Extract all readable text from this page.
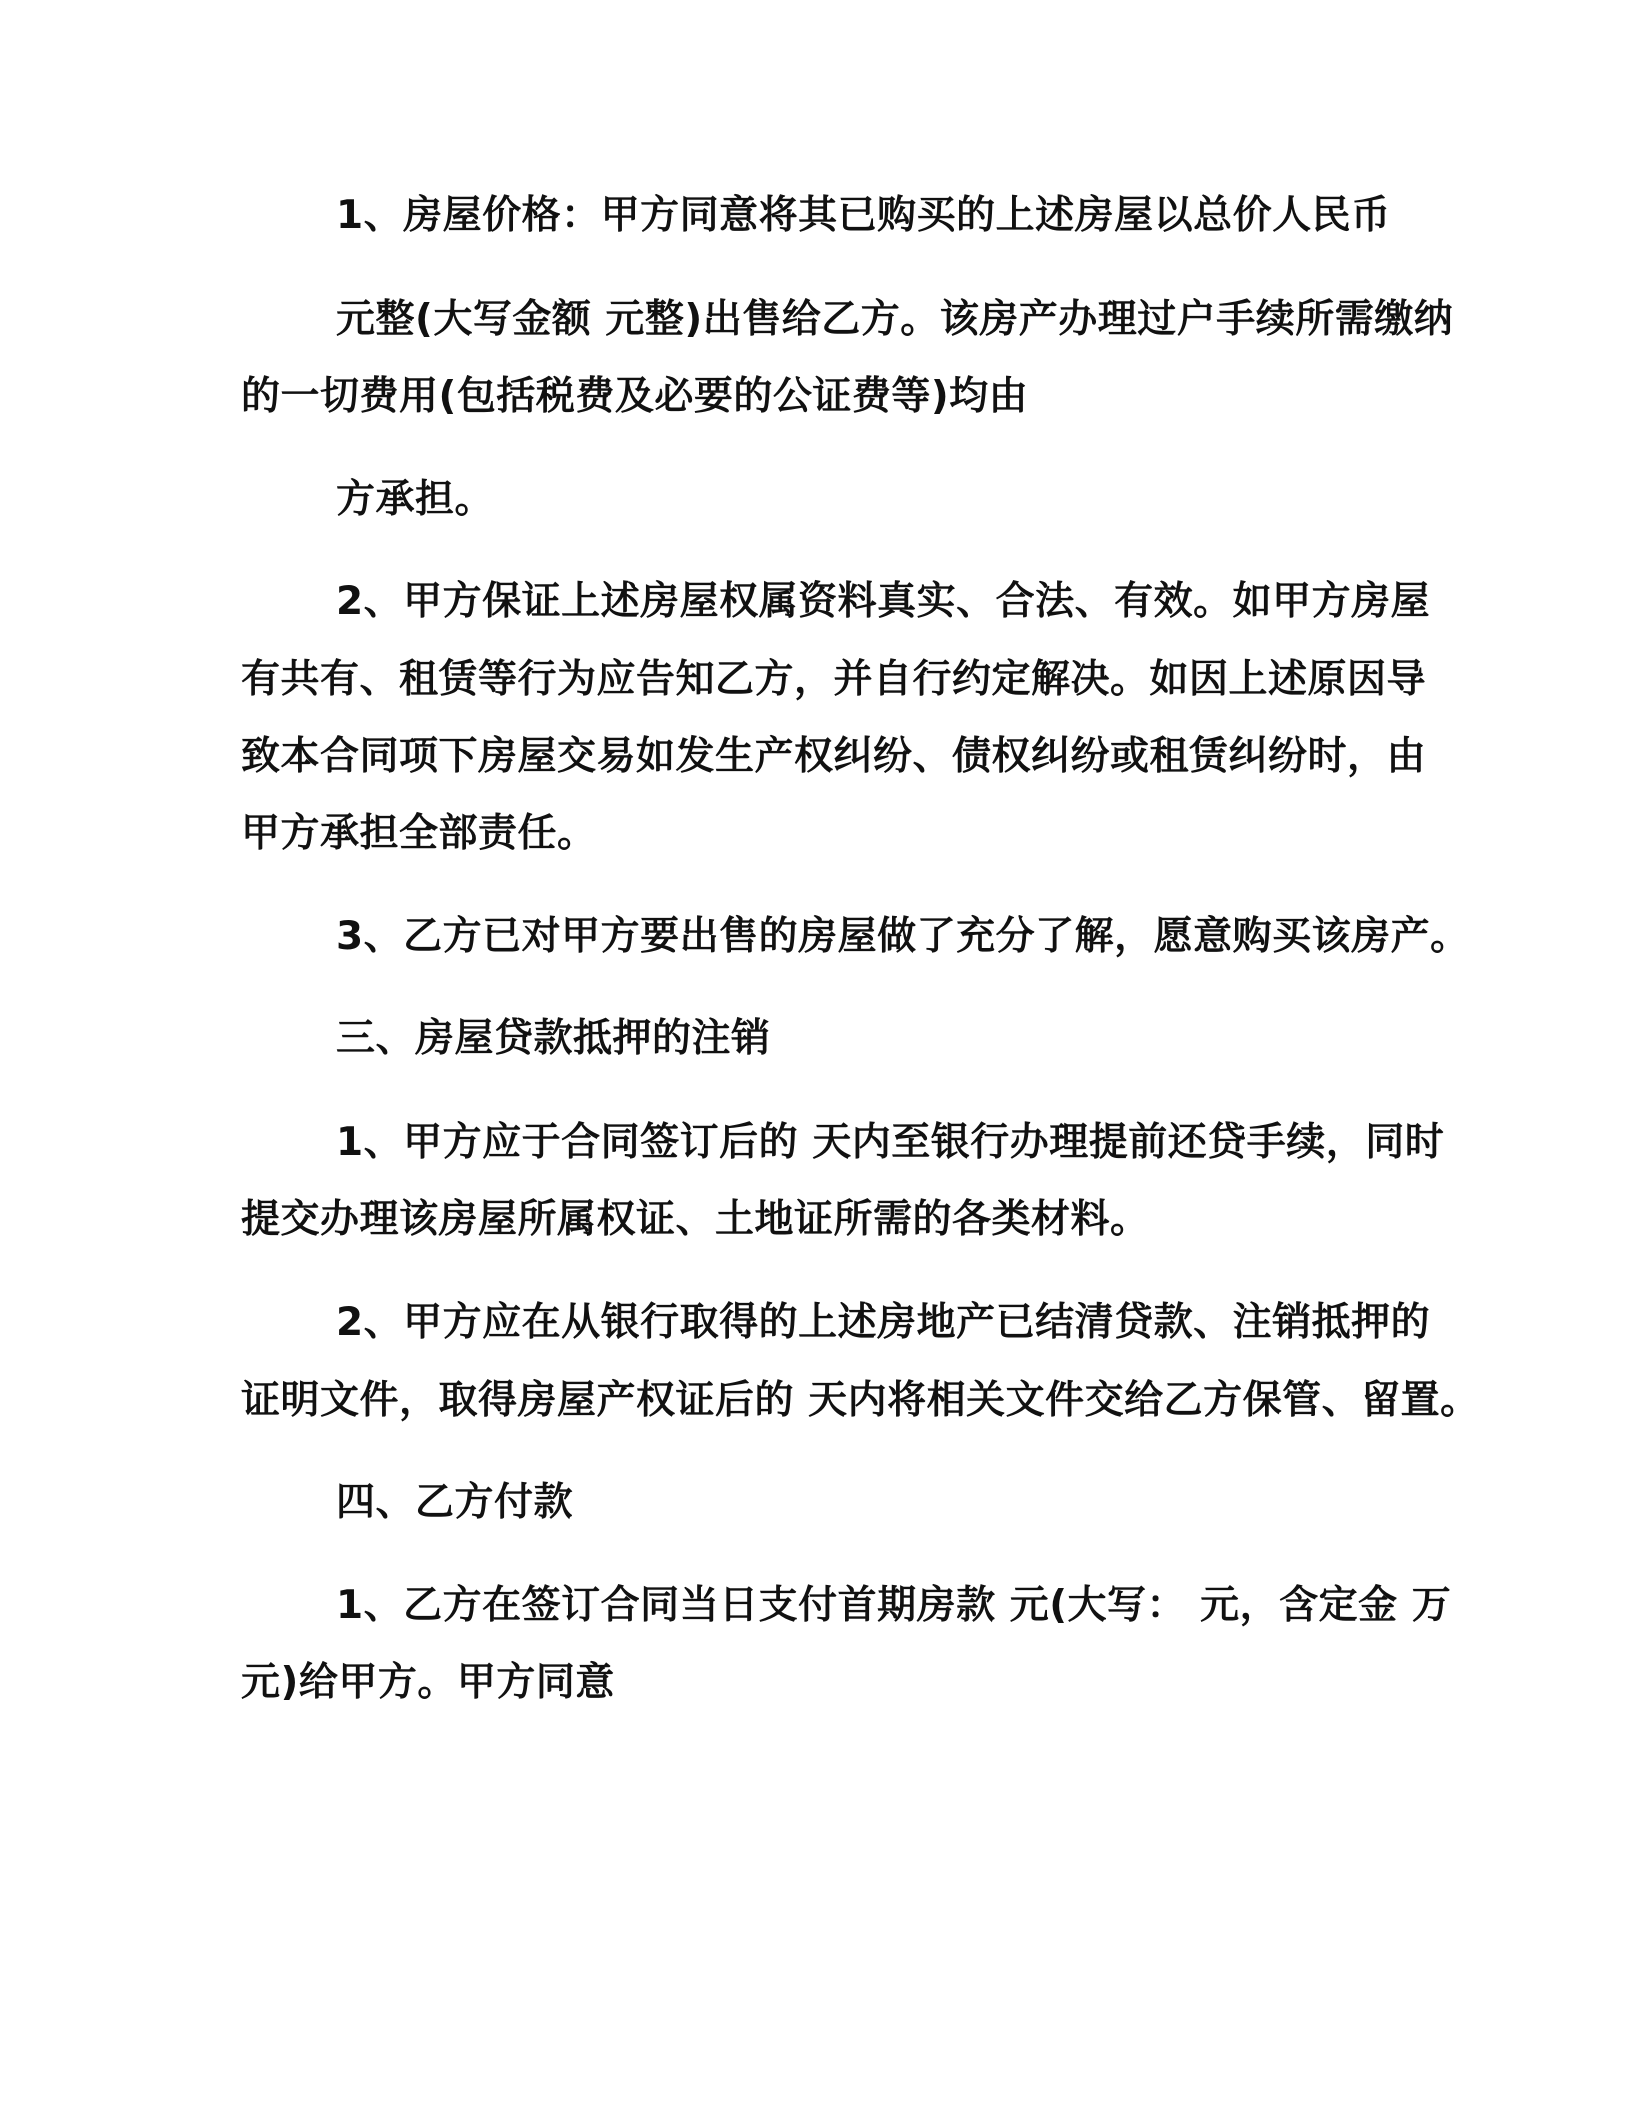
1、房屋价格：甲方同意将其已购买的上述房屋以总价人民币
元整(大写金额 元整)出售给乙方。该房产办理过户手续所需缴纳
的一切费用(包括税费及必要的公证费等)均由
方承担。
2、甲方保证上述房屋权属资料真实、合法、有效。如甲方房屋
有共有、租赁等行为应告知乙方，并自行约定解决。如因上述原因导
致本合同项下房屋交易如发生产权纠纷、债权纠纷或租赁纠纷时，由
甲方承担全部责任。
3、乙方已对甲方要出售的房屋做了充分了解，愿意购买该房产。
三、房屋贷款抵押的注销
1、甲方应于合同签订后的 天内至银行办理提前还贷手续，同时
提交办理该房屋所属权证、土地证所需的各类材料。
2、甲方应在从银行取得的上述房地产已结清贷款、注销抵押的
证明文件，取得房屋产权证后的 天内将相关文件交给乙方保管、留置。
四、乙方付款
1、乙方在签订合同当日支付首期房款 元(大写： 元，含定金 万
元)给甲方。甲方同意
